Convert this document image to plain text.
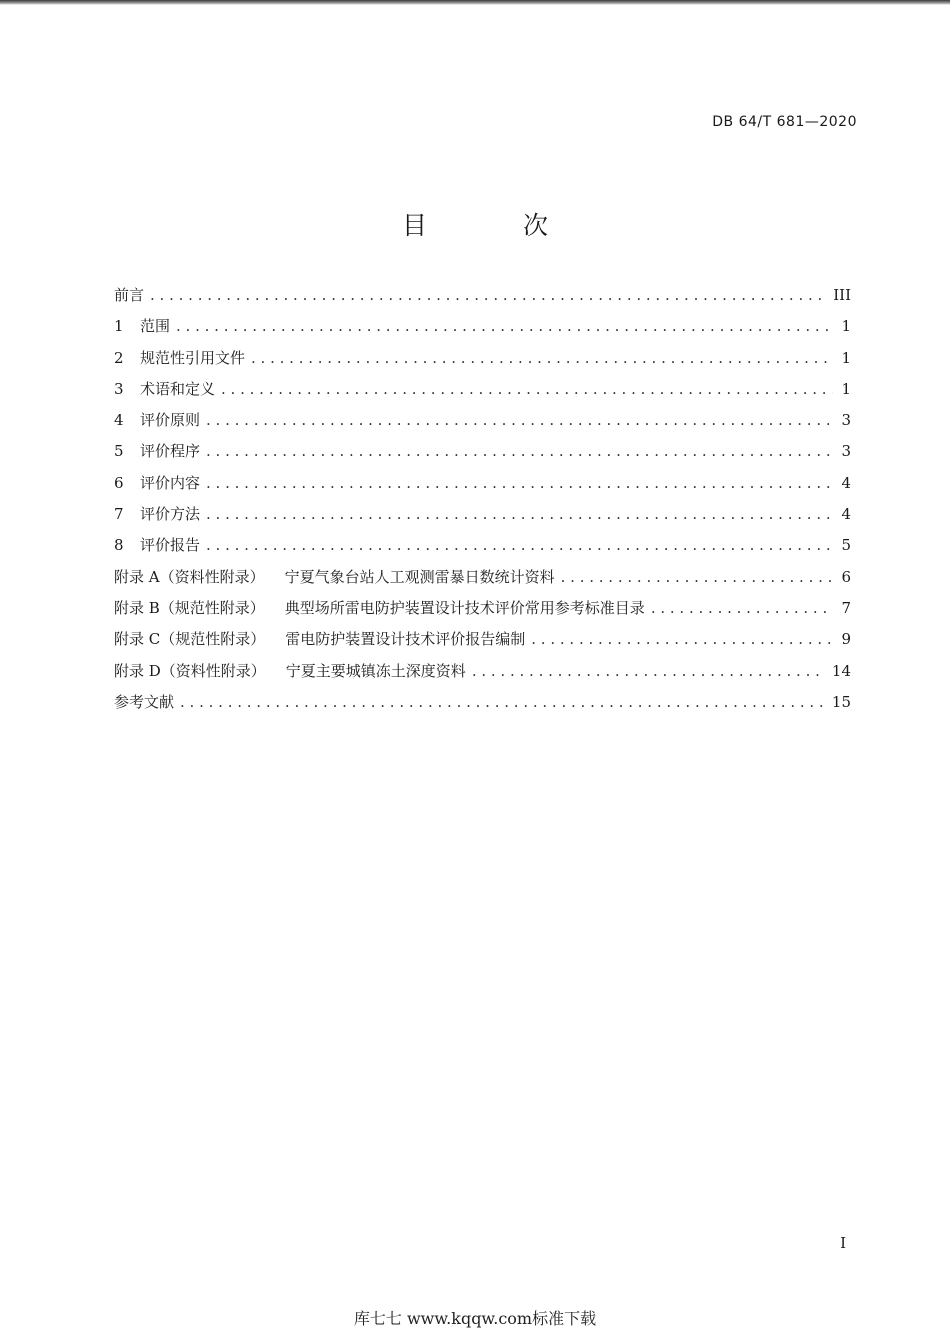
DB 64/T 681—2020
目 次
前言 . . .	III
1	范围 . . .	1
2	规范性引用文件 . . .	1
3	术语和定义 . . .	1
4	评价原则 . . .	3
5	评价程序 . . .	3
6	评价内容 . . .	4
7	评价方法 . . .	4
8	评价报告 . . .	5
附录 A（资料性附录） 宁夏气象台站人工观测雷暴日数统计资料 . . .	6
附录 B（规范性附录） 典型场所雷电防护装置设计技术评价常用参考标准目录 . . .	7
附录 C（规范性附录） 雷电防护装置设计技术评价报告编制 . . .	9
附录 D（资料性附录） 宁夏主要城镇冻土深度资料 . . .	14
参考文献 . . .	15
I
库七七 www.kqqw.com标准下载
